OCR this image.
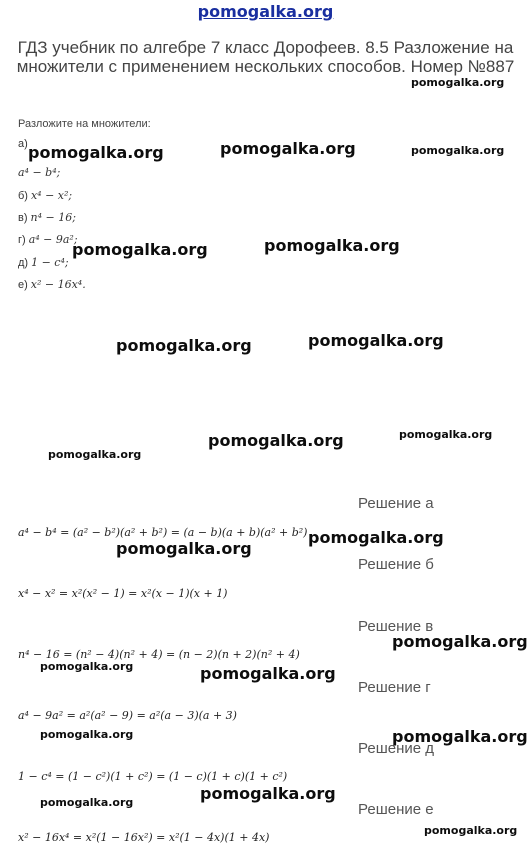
pomogalka.org
ГДЗ учебник по алгебре 7 класс Дорофеев. 8.5 Разложение на множители с применением нескольких способов. Номер №887
Разложите на множители:
а)
a⁴ − b⁴;
б) x⁴ − x²;
в) n⁴ − 16;
г) a⁴ − 9a²;
д) 1 − c⁴;
е) x² − 16x⁴.
Решение а
a⁴ − b⁴ = (a² − b²)(a² + b²) = (a − b)(a + b)(a² + b²)
Решение б
x⁴ − x² = x²(x² − 1) = x²(x − 1)(x + 1)
Решение в
n⁴ − 16 = (n² − 4)(n² + 4) = (n − 2)(n + 2)(n² + 4)
Решение г
a⁴ − 9a² = a²(a² − 9) = a²(a − 3)(a + 3)
Решение д
1 − c⁴ = (1 − c²)(1 + c²) = (1 − c)(1 + c)(1 + c²)
Решение е
x² − 16x⁴ = x²(1 − 16x²) = x²(1 − 4x)(1 + 4x)
pomogalka.org
pomogalka.org	pomogalka.org	pomogalka.org
pomogalka.org	pomogalka.org
pomogalka.org	pomogalka.org
pomogalka.org	pomogalka.org
pomogalka.org
pomogalka.org
pomogalka.org
pomogalka.org
pomogalka.org	pomogalka.org
pomogalka.org	pomogalka.org
pomogalka.org
pomogalka.org
pomogalka.org
